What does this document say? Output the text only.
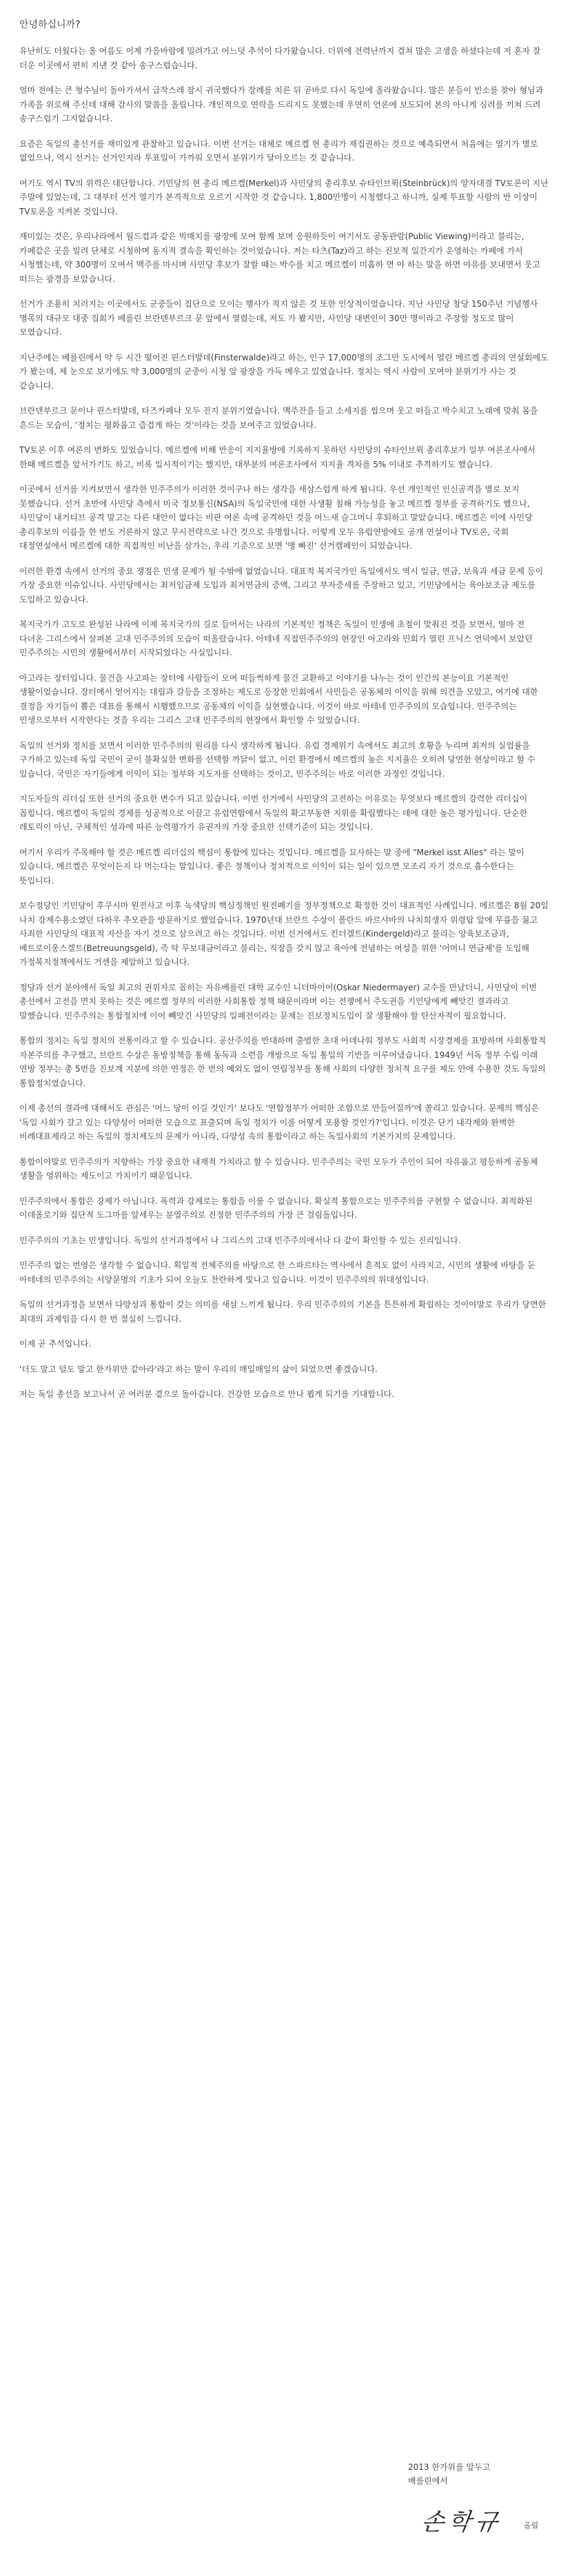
안녕하십니까?

유난히도 더웠다는 올 여름도 이제 가을바람에 밀려가고 어느덧 추석이 다가왔습니다. 더위에 전력난까지 겹쳐 많은 고생을 하셨다는데 저 혼자 잘 더운 이곳에서 편히 지낸 것 같아 송구스럽습니다.

얼마 전에는 큰 형수님이 돌아가셔서 급작스레 잠시 귀국했다가 장례를 치른 뒤 곧바로 다시 독일에 올라왔습니다. 많은 분들이 빈소를 찾아 형님과 가족을 위로해 주신데 대해 감사의 말씀을 올립니다. 개인적으로 연락을 드리지도 못했는데 우연히 언론에 보도되어 본의 아니게 심려를 끼쳐 드려 송구스럽기 그지없습니다.

요즘은 독일의 총선거를 재미있게 관찰하고 있습니다. 이번 선거는 대체로 메르켈 현 총리가 재집권하는 것으로 예측되면서 처음에는 열기가 별로 없었으나, 역시 선거는 선거인지라 투표일이 가까워 오면서 분위기가 달아오르는 것 같습니다.

여기도 역시 TV의 위력은 대단합니다. 기민당의 현 총리 메르켈(Merkel)과 사민당의 총리후보 슈타인브뤽(Steinbrück)의 양자대결 TV토론이 지난 주말에 있었는데, 그 대부터 선거 열기가 본격적으로 오르기 시작한 것 같습니다. 1,800만명이 시청했다고 하니까, 실제 투표할 사람의 반 이상이 TV토론을 지켜본 것입니다.

재미있는 것은, 우리나라에서 월드컵과 같은 빅매치를 광장에 모여 함께 보며 응원하듯이 여기서도 공동관람(Public Viewing)이라고 불리는, 카페같은 곳을 빌려 단체로 시청하며 동지적 결속을 확인하는 것이었습니다. 저는 타츠(Taz)라고 하는 진보적 일간지가 운영하는 카페에 가서 시청했는데, 약 300명이 모여서 맥주를 마시며 사민당 후보가 잘할 때는 박수를 치고 메르켈이 미흡하 면 야 하는 말을 하면 야유를 보내면서 웃고 떠드는 광경을 보았습니다.

선거가 조용히 치러지는 이곳에서도 군중들이 집단으로 모이는 행사가 적지 않은 것 또한 인상적이었습니다. 지난 사민당 창당 150주년 기념행사 명목의 대규모 대중 집회가 베를린 브란덴부르크 문 앞에서 열렸는데, 저도 가 봤지만, 사민당 대변인이 30만 명이라고 주장할 정도로 많이 모였습니다.

지난주에는 베를린에서 약 두 시간 떨어진 핀스터발데(Finsterwalde)라고 하는, 인구 17,000명의 조그만 도시에서 열린 메르켈 총리의 연설회에도 가 봤는데, 제 눈으로 보기에도 약 3,000명의 군중이 시청 앞 광장을 가득 메우고 있었습니다. 정치는 역시 사람이 모여야 분위기가 사는 것 같습니다.

브란덴부르크 문이나 핀스터발데, 타즈카페나 모두 진지 분위기였습니다. 맥주잔을 들고 소세지를 씹으며 웃고 떠들고 박수치고 노래에 맞춰 몸을 흔드는 모습이, '정치는 평화롭고 즐겁게 하는 것'이라는 것을 보여주고 있었습니다.

TV토론 이후 여론의 변화도 있었습니다. 메르켈에 비해 반응이 지지율방에 기록하지 못하던 사민당의 슈타인브뤽 총리후보가 일부 여론조사에서 한때 메르켈을 앞서가기도 하고, 비록 일시적이기는 했지만, 대부분의 여론조사에서 지지율 격차를 5% 이내로 추격하기도 했습니다.

이곳에서 선거를 지켜보면서 생각한 민주주의가 이러한 것이구나 하는 생각을 새삼스럽게 하게 됩니다. 우선 개인적인 인신공격을 별로 보지 못했습니다. 선거 초반에 사민당 측에서 미국 정보통신(NSA)의 독일국민에 대한 사생활 침해 가능성을 놓고 메르켈 정부를 공격하기도 했으나, 사민당이 내거티브 공격 말고는 다른 대안이 없다는 비판 여론 속에 공격하던 것을 어느새 슬그머니 후퇴하고 말았습니다. 메르켈은 이에 사민당 총리후보의 이름을 한 번도 거론하지 않고 무시전략으로 나간 것으로 유명합니다. 이렇게 모두 유럽연방에도 공개 연설이나 TV토론, 국회 대정연설에서 메르켈에 대한 직접적인 비난을 삼가는, 우리 기준으로 보면 '맹 빠진' 선거캠페인이 되었습니다.

이러한 환경 속에서 선거의 중요 쟁점은 민생 문제가 될 수밖에 없었습니다. 대표적 복지국가인 독일에서도 역시 일금, 연금, 보육과 세금 문제 등이 가장 중요한 이슈입니다. 사민당에서는 최저임금제 도입과 최저연금의 증액, 그리고 부자증세를 주장하고 있고, 기민당에서는 육아보조금 제도를 도입하고 있습니다.

복지국가가 고도로 완성된 나라에 이제 복지국가의 길로 들어서는 나라의 기본적인 정책은 독일이 민생에 초점이 맞춰진 것을 보면서, 얼마 전 다녀온 그리스에서 살펴본 고대 민주주의의 모습이 떠올랐습니다. 아테네 직접민주주의의 현장인 아고라와 민회가 열린 프닉스 언덕에서 보았던 민주주의는 시민의 생활에서부터 시작되었다는 사실입니다.

아고라는 장터입니다. 물건을 사고파는 장터에 사람들이 모여 떠들썩하게 물건 교환하고 이야기를 나누는 것이 인간의 본능이요 기본적인 생활이었습니다. 장터에서 얻어지는 대립과 갈등을 조정하는 제도로 등장한 민회에서 사민들은 공동체의 이익을 위해 의견을 모았고, 여기에 대한 결정을 자기들이 뽑은 대표를 통해서 시행했으므로 공동체의 이익을 실현했습니다. 이것이 바로 아테네 민주주의의 모습입니다. 민주주의는 민생으로부터 시작한다는 것을 우리는 그리스 고대 민주주의의 현장에서 확인할 수 있었습니다.

독일의 선거와 정치를 보면서 이러한 민주주의의 원리를 다시 생각하게 됩니다. 유럽 경제위기 속에서도 최고의 호황을 누리며 최저의 실업률을 구가하고 있는데 독일 국민이 굳이 불확실한 변화를 선택할 까닭이 없고, 이런 환경에서 메르켈의 높은 지지율은 오히려 당연한 현상이라고 할 수 있습니다. 국민은 자기들에게 이익이 되는 정부와 지도자를 선택하는 것이고, 민주주의는 바로 이러한 과정인 것입니다.

지도자들의 리더십 또한 선거의 중요한 변수가 되고 있습니다. 이번 선거에서 사민당의 고전하는 이유로는 무엇보다 메르켈의 강력한 리더십이 꼽힙니다. 메르켈이 독일의 경제를 성공적으로 이끌고 유럽연합에서 독일의 확고부동한 지위를 확립했다는 데에 대한 높은 평가입니다. 단순한 레토릭이 아닌, 구체적인 성과에 따른 능력평가가 유권자의 가장 중요한 선택기준이 되는 것입니다.

여기서 우리가 주목해야 할 것은 메르켈 리더십의 핵심이 통합에 있다는 것입니다. 메르켈을 묘사하는 말 중에 "Merkel isst Alles" 라는 말이 있습니다. 메르켈은 무엇이든지 다 먹는다는 말입니다. 좋은 정책이나 정치적으로 이익이 되는 일이 있으면 모조리 자기 것으로 흡수한다는 뜻입니다.

보수정당인 기민당이 후쿠시마 원전사고 이후 녹색당의 핵심정책인 원전폐기를 정부정책으로 확정한 것이 대표적인 사례입니다. 메르켈은 8월 20일 나치 강제수용소였던 다하우 추모관을 방문하기로 했었습니다. 1970년대 브란트 수상이 폴란드 바르샤바의 나치희생자 위령탑 앞에 무릎을 꿇고 사죄한 사민당의 대표적 자산을 자기 것으로 삼으려고 하는 것입니다. 이번 선거에서도 킨더겔트(Kindergeld)라고 불리는 양육보조금과, 베트로이웅스겔트(Betreuungsgeld), 즉 탁 무보대금이라고 불리는, 직장을 갖지 않고 육아에 전념하는 여성을 위한 '어머니 연금제'를 도입해 가정복지정책에서도 거센을 제압하고 있습니다.

정당과 선거 분야에서 독일 최고의 권위자로 꼽히는 자유베를린 대학 교수인 니더마이어(Oskar Niedermayer) 교수를 만났더니, 사민당이 이번 총선에서 고전을 면치 못하는 것은 메르켈 정부의 이러한 사회통합 정책 때문이라며 이는 전쟁에서 주도권을 기민당에게 빼앗긴 결과라고 말했습니다. 민주주의는 통합정치에 이어 빼앗긴 사민당의 일패전이라는 문제는 진보정치도입이 잘 생활해야 할 탄산자적이 필요합니다.

통합의 정치는 독일 정치의 전통이라고 할 수 있습니다. 공산주의를 반대하며 출범한 초대 아데나워 정부도 사회적 시장경제를 표방하며 사회통합적 자본주의를 추구했고, 브란트 수상은 동방정책을 통해 동독과 소련을 개방으로 독일 통일의 기반을 이루어냈습니다. 1949년 서독 정부 수립 이래 연방 정부는 총 5번을 진보계 지분에 의한 연정은 한 번의 예외도 없이 연립정부를 통해 사회의 다양한 정치적 요구를 제도 안에 수용한 것도 독일의 통합정치였습니다.

이제 총선의 결과에 대해서도 관심은 '어느 당이 이길 것인가' 보다도 '연합정부가 어떠한 조합으로 만들어질까'에 쏠리고 있습니다. 문제의 핵심은 '독일 사회가 갈고 있는 다양성이 어떠한 모습으로 표출되며 독일 정치가 이를 어떻게 포용할 것인가?'입니다. 이것은 단기 내각제와 완벽한 비례대표제라고 하는 독일의 정치제도의 문제가 아니라, 다양성 속의 통합이라고 하는 독일사회의 기본가치의 문제입니다.

통합이야말로 민주주의가 지향하는 가장 중요한 내재적 가치라고 할 수 있습니다. 민주주의는 국민 모두가 주인이 되어 자유롭고 평등하게 공동체 생활을 영위하는 제도이고 가치이기 때문입니다.

민주주의에서 통합은 강제가 아닙니다. 폭력과 강제로는 통합을 이룰 수 없습니다. 확실적 통합으로는 민주주의를 구현할 수 없습니다. 최적화된 이데올로기와 집단적 도그마를 앞세우는 분열주의로 진정한 민주주의의 가장 큰 걸림돌입니다.

민주주의의 기초는 민생입니다. 독일의 선거과정에서 나 그리스의 고대 민주주의에서나 다 같이 확인할 수 있는 진리입니다.

민주주의 없는 번영은 생각할 수 없습니다. 획일적 전체주의를 바탕으로 한 스파르타는 역사에서 흔적도 없이 사라지고, 시민의 생활에 바탕을 둔 아테네의 민주주의는 서양문명의 기초가 되어 오늘도 찬란하게 빛나고 있습니다. 이것이 민주주의의 위대성입니다.

독일의 선거과정을 보면서 다양성과 통합이 갖는 의미를 새삼 느끼게 됩니다. 우리 민주주의의 기본을 튼튼하게 확립하는 것이야말로 우리가 당면한 최대의 과제임을 다시 한 번 절실히 느낍니다.

이제 곧 추석입니다.

'더도 말고 덜도 말고 한가위만 같아라'라고 하는 말이 우리의 매일매일의 삶이 되었으면 좋겠습니다.

저는 독일 총선을 보고나서 곧 여러분 곁으로 돌아갑니다. 건강한 모습으로 만나 뵙게 되기를 기대합니다.

2013 한가위를 앞두고
베를린에서
손학규	올림
